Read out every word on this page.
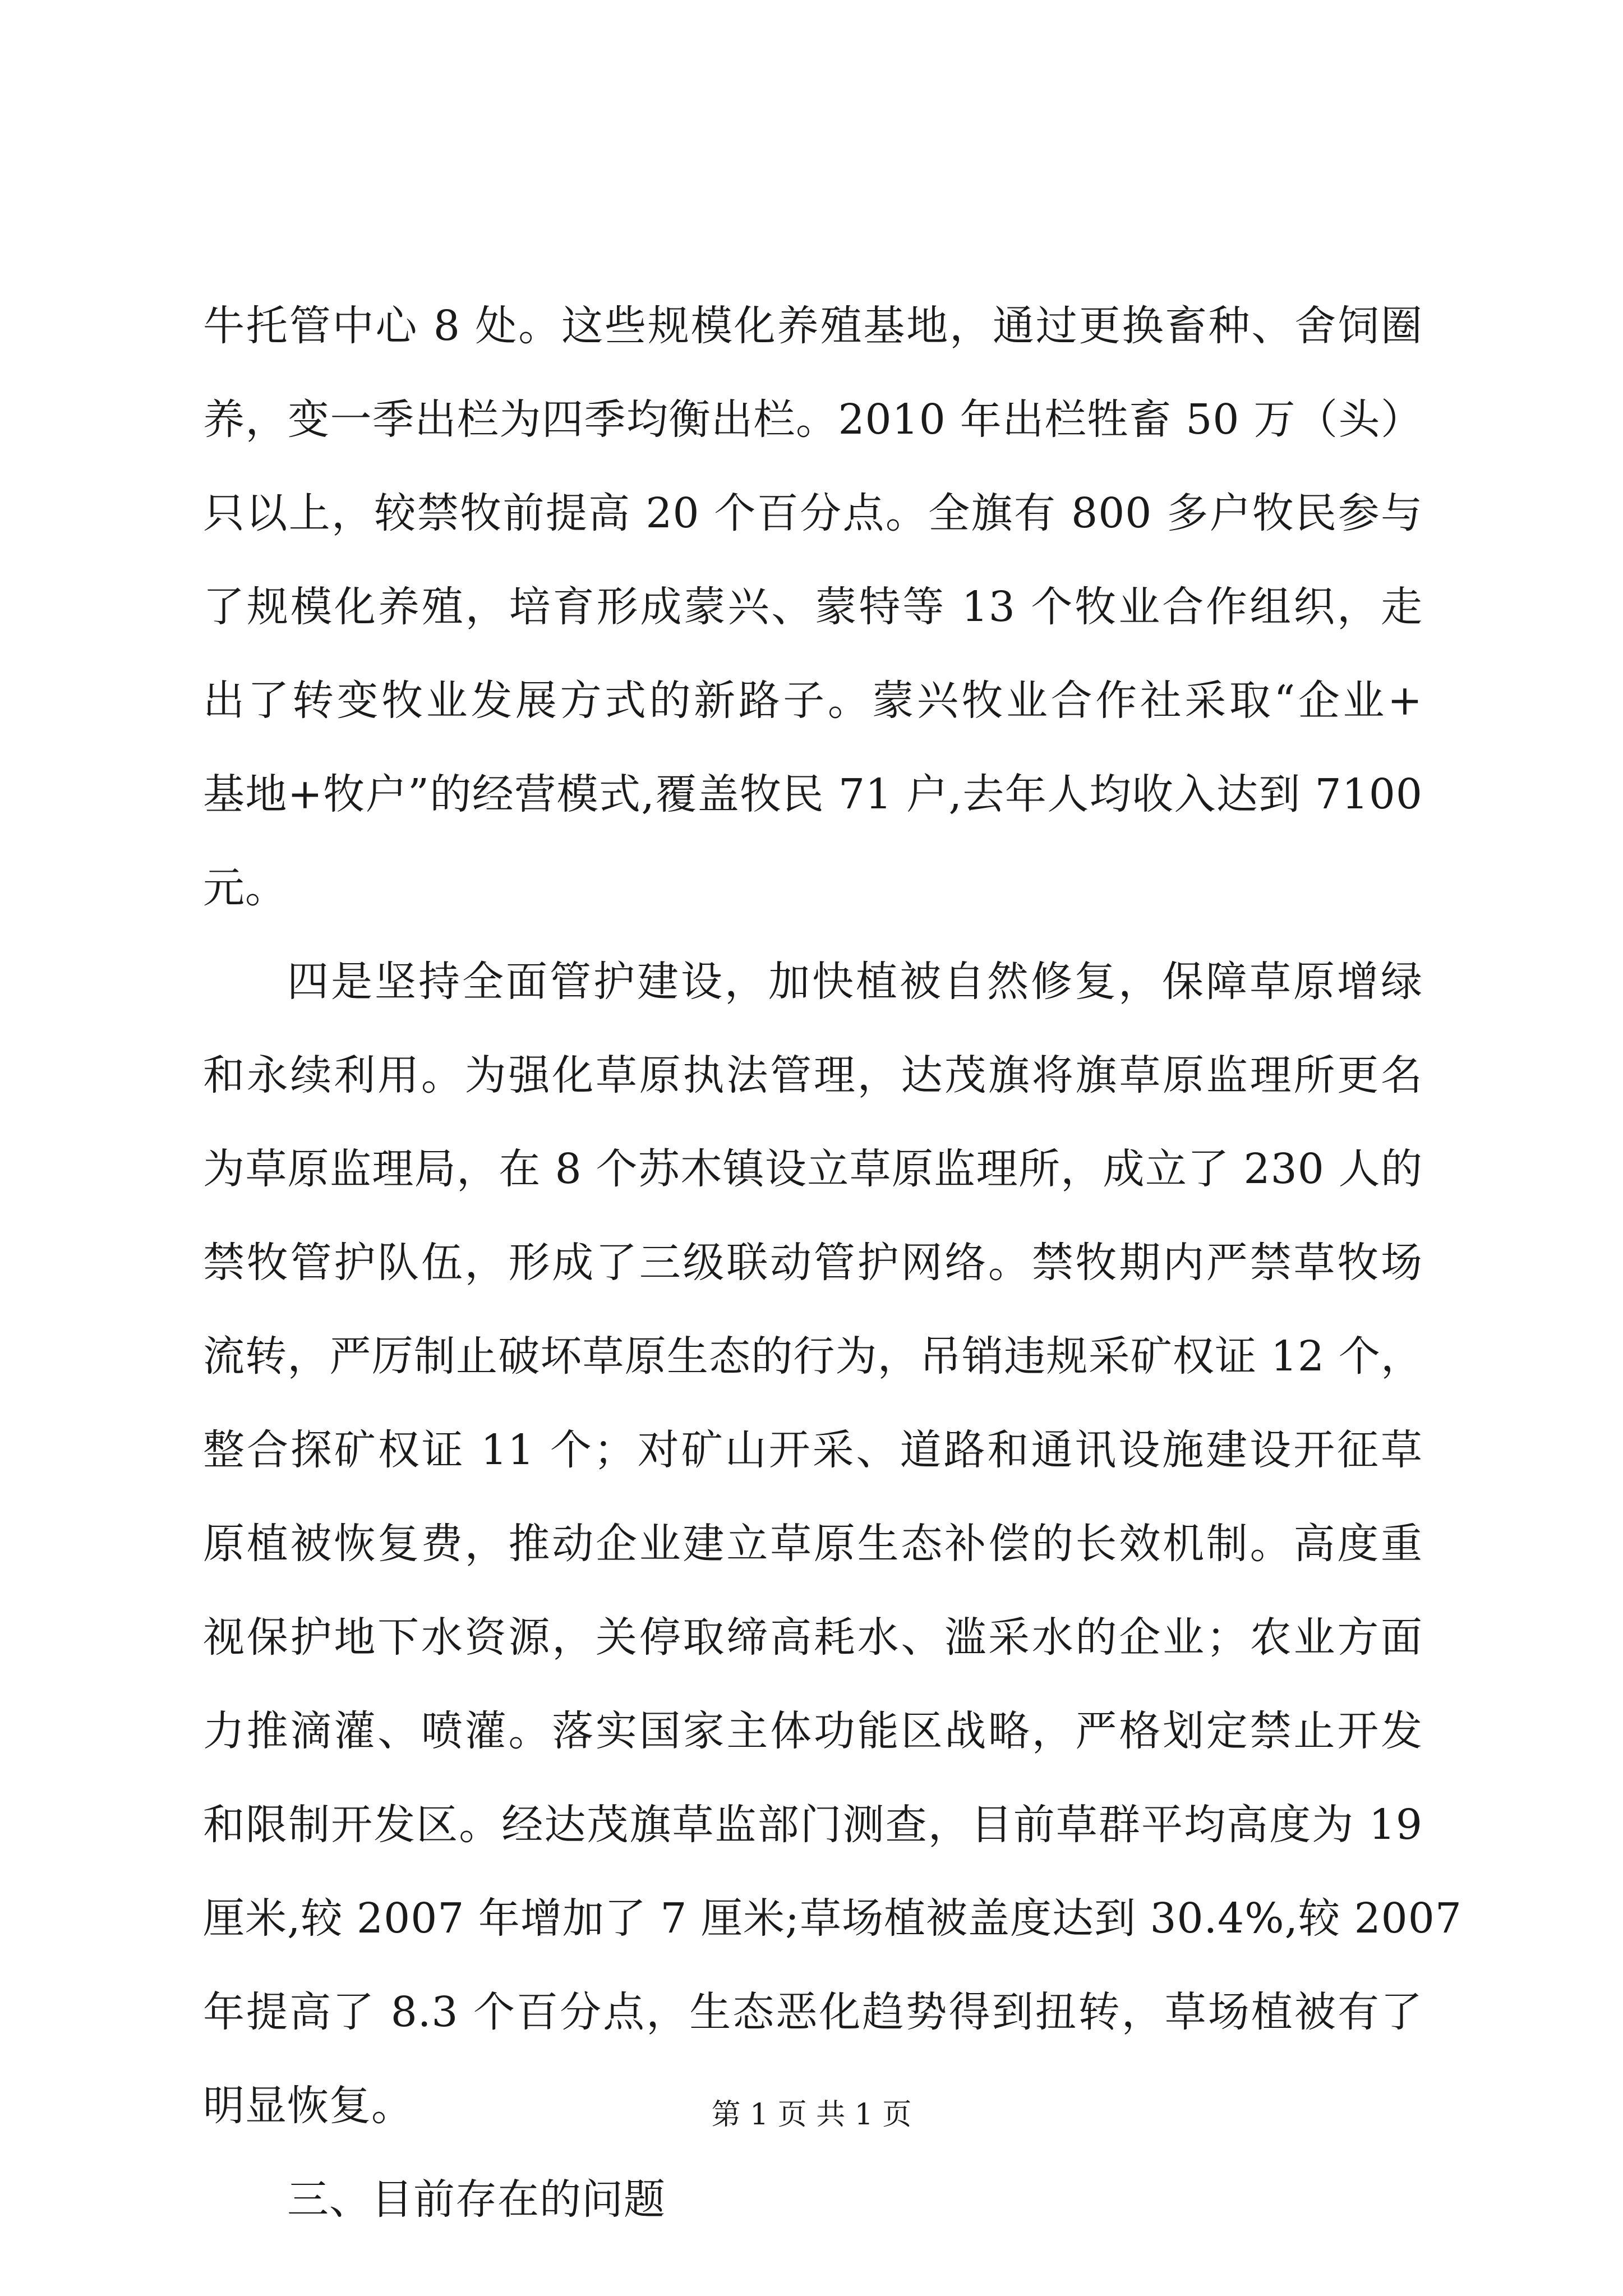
牛托管中心 8 处。这些规模化养殖基地，通过更换畜种、舍饲圈
养，变一季出栏为四季均衡出栏。2010 年出栏牲畜 50 万（头）
只以上，较禁牧前提高 20 个百分点。全旗有 800 多户牧民参与
了规模化养殖，培育形成蒙兴、蒙特等 13 个牧业合作组织，走
出了转变牧业发展方式的新路子。蒙兴牧业合作社采取“企业+
基地+牧户”的经营模式,覆盖牧民 71 户,去年人均收入达到 7100
元。
四是坚持全面管护建设，加快植被自然修复，保障草原增绿
和永续利用。为强化草原执法管理，达茂旗将旗草原监理所更名
为草原监理局，在 8 个苏木镇设立草原监理所，成立了 230 人的
禁牧管护队伍，形成了三级联动管护网络。禁牧期内严禁草牧场
流转，严厉制止破坏草原生态的行为，吊销违规采矿权证 12 个，
整合探矿权证 11 个；对矿山开采、道路和通讯设施建设开征草
原植被恢复费，推动企业建立草原生态补偿的长效机制。高度重
视保护地下水资源，关停取缔高耗水、滥采水的企业；农业方面
力推滴灌、喷灌。落实国家主体功能区战略，严格划定禁止开发
和限制开发区。经达茂旗草监部门测查，目前草群平均高度为 19
厘米,较 2007 年增加了 7 厘米;草场植被盖度达到 30.4%,较 2007
年提高了 8.3 个百分点，生态恶化趋势得到扭转，草场植被有了
明显恢复。
三、目前存在的问题
第 1 页 共 1 页
